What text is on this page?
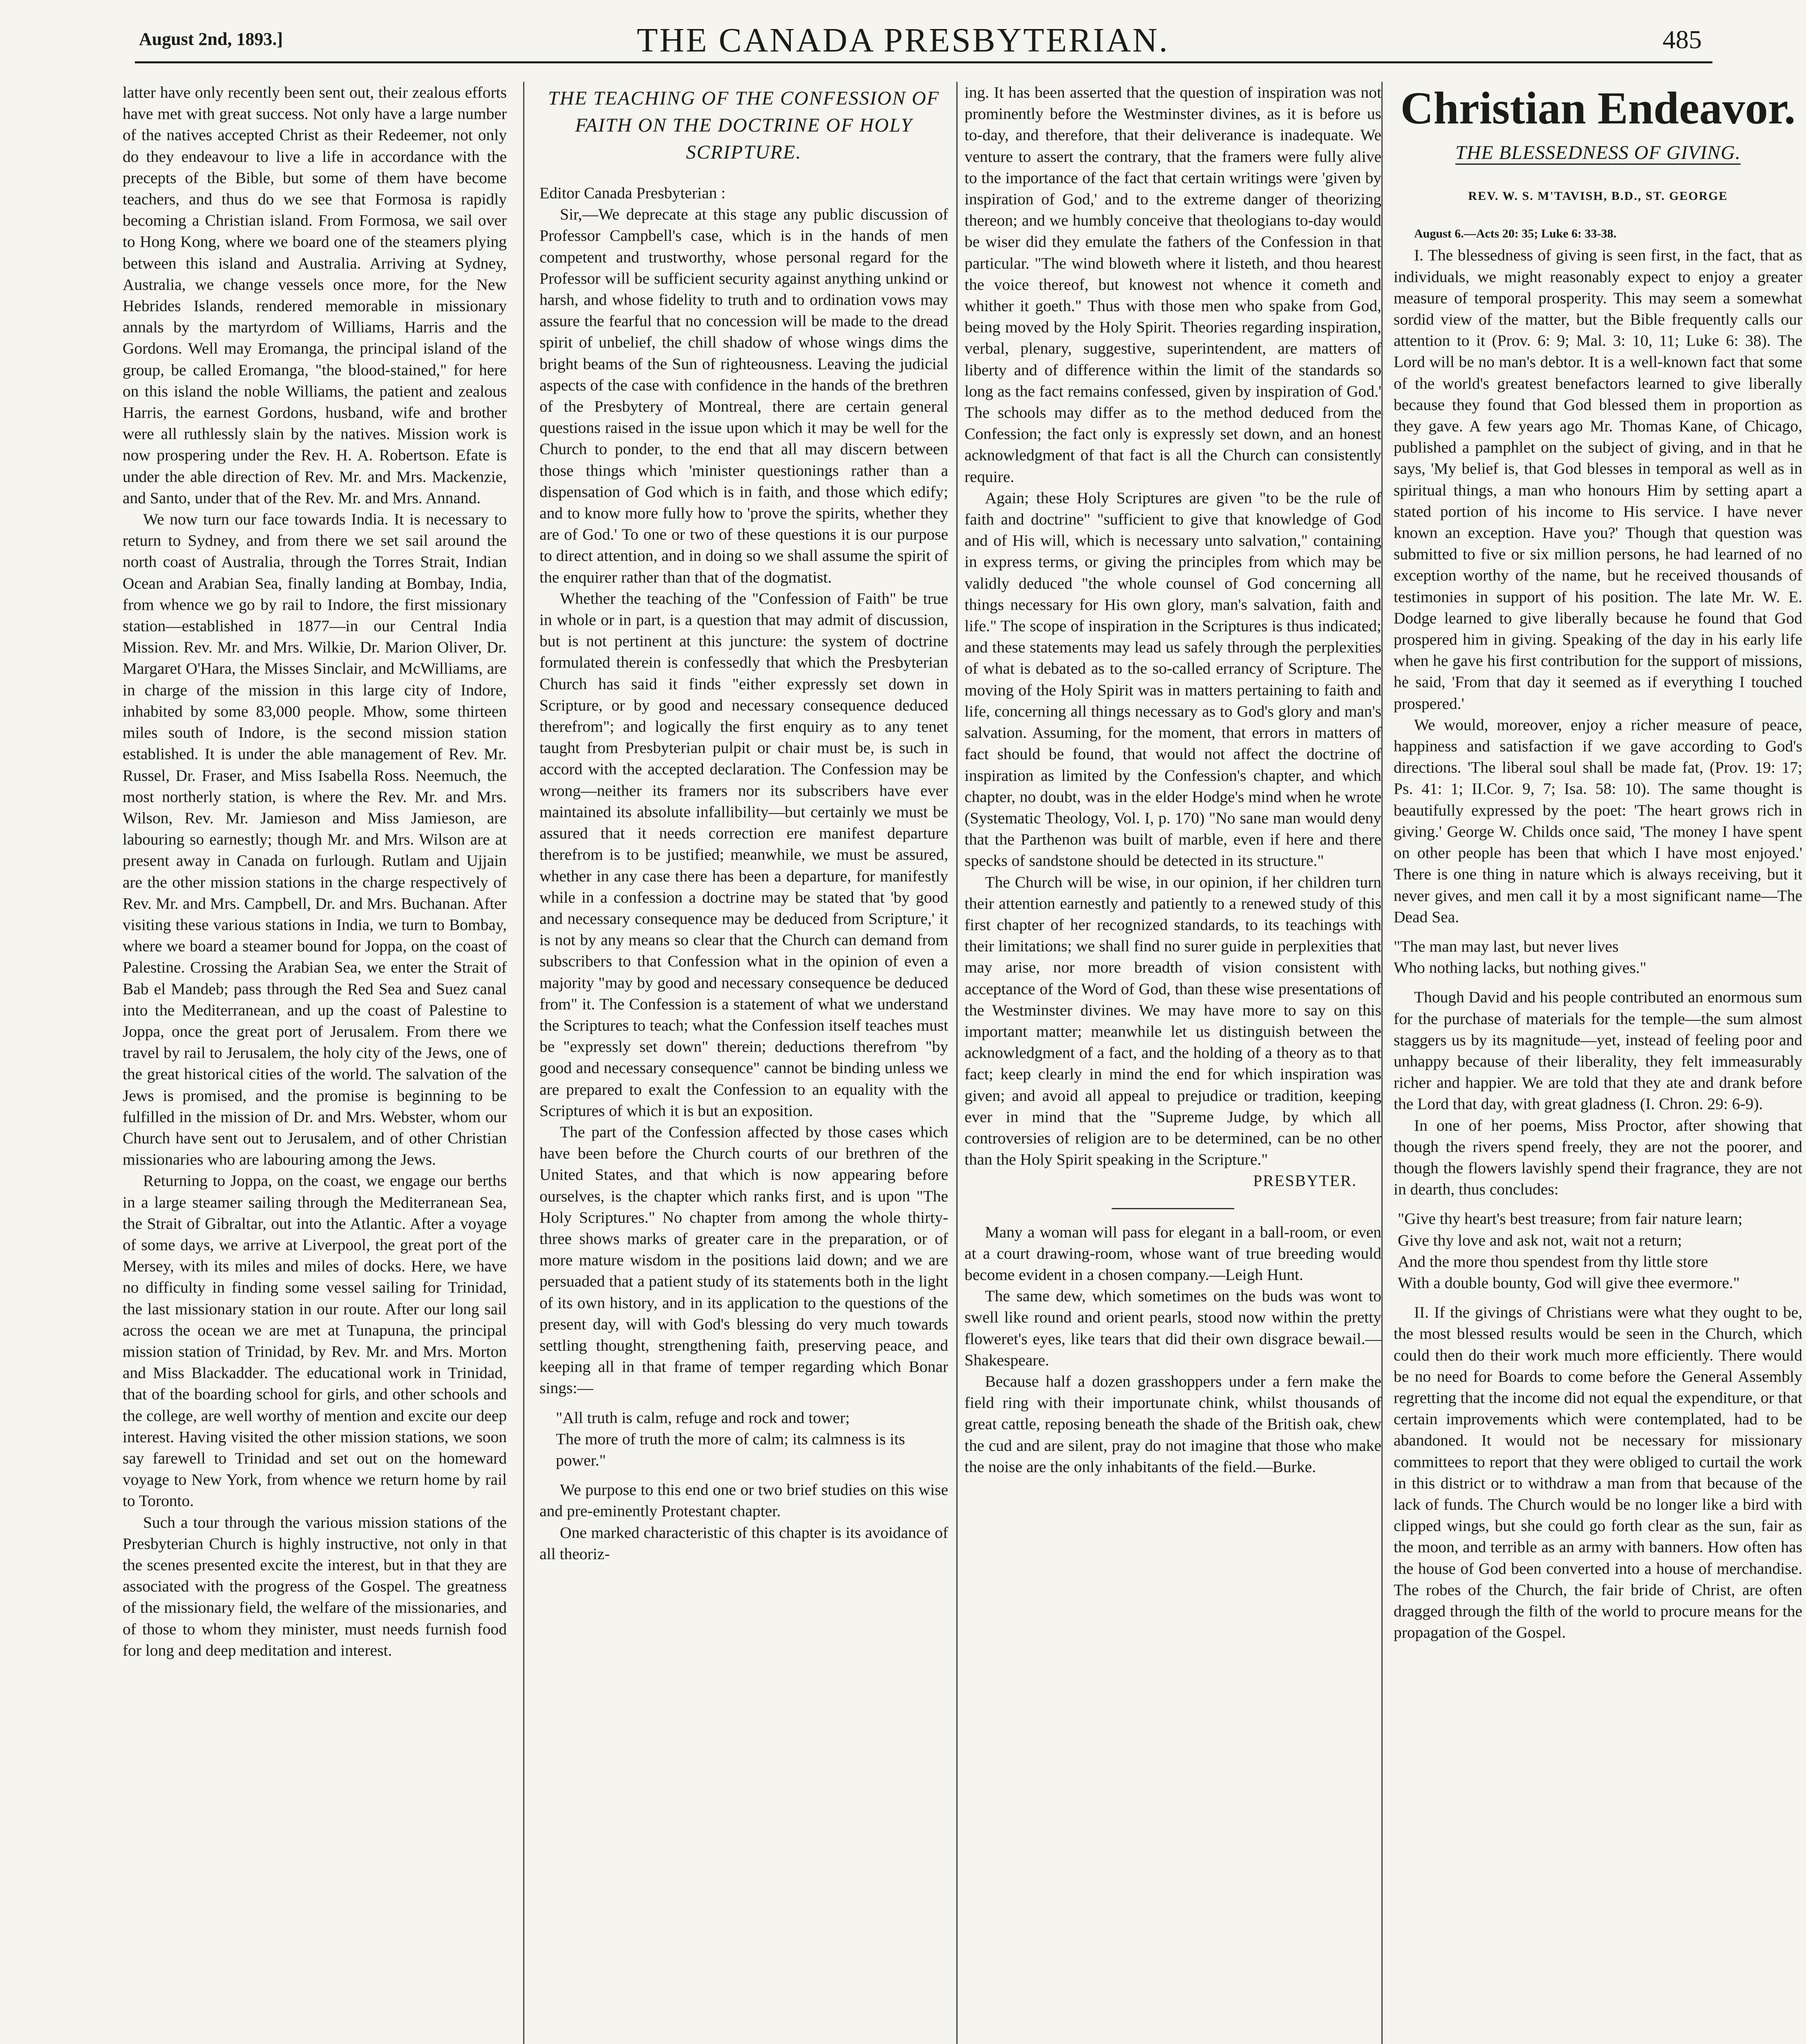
August 2nd, 1893.]	THE CANADA PRESBYTERIAN.	485

latter have only recently been sent out, their zealous efforts have met with great success. Not only have a large number of the natives accepted Christ as their Redeemer, not only do they endeavour to live a life in accordance with the precepts of the Bible, but some of them have become teachers, and thus do we see that Formosa is rapidly becoming a Christian island. From Formosa, we sail over to Hong Kong, where we board one of the steamers plying between this island and Australia. Arriving at Sydney, Australia, we change vessels once more, for the New Hebrides Islands, rendered memorable in missionary annals by the martyrdom of Williams, Harris and the Gordons. Well may Eromanga, the principal island of the group, be called Eromanga, "the blood-stained," for here on this island the noble Williams, the patient and zealous Harris, the earnest Gordons, husband, wife and brother were all ruthlessly slain by the natives. Mission work is now prospering under the Rev. H. A. Robertson. Efate is under the able direction of Rev. Mr. and Mrs. Mackenzie, and Santo, under that of the Rev. Mr. and Mrs. Annand.

We now turn our face towards India. It is necessary to return to Sydney, and from there we set sail around the north coast of Australia, through the Torres Strait, Indian Ocean and Arabian Sea, finally landing at Bombay, India, from whence we go by rail to Indore, the first missionary station—established in 1877—in our Central India Mission. Rev. Mr. and Mrs. Wilkie, Dr. Marion Oliver, Dr. Margaret O'Hara, the Misses Sinclair, and McWilliams, are in charge of the mission in this large city of Indore, inhabited by some 83,000 people. Mhow, some thirteen miles south of Indore, is the second mission station established. It is under the able management of Rev. Mr. Russel, Dr. Fraser, and Miss Isabella Ross. Neemuch, the most northerly station, is where the Rev. Mr. and Mrs. Wilson, Rev. Mr. Jamieson and Miss Jamieson, are labouring so earnestly; though Mr. and Mrs. Wilson are at present away in Canada on furlough. Rutlam and Ujjain are the other mission stations in the charge respectively of Rev. Mr. and Mrs. Campbell, Dr. and Mrs. Buchanan. After visiting these various stations in India, we turn to Bombay, where we board a steamer bound for Joppa, on the coast of Palestine. Crossing the Arabian Sea, we enter the Strait of Bab el Mandeb; pass through the Red Sea and Suez canal into the Mediterranean, and up the coast of Palestine to Joppa, once the great port of Jerusalem. From there we travel by rail to Jerusalem, the holy city of the Jews, one of the great historical cities of the world. The salvation of the Jews is promised, and the promise is beginning to be fulfilled in the mission of Dr. and Mrs. Webster, whom our Church have sent out to Jerusalem, and of other Christian missionaries who are labouring among the Jews.

Returning to Joppa, on the coast, we engage our berths in a large steamer sailing through the Mediterranean Sea, the Strait of Gibraltar, out into the Atlantic. After a voyage of some days, we arrive at Liverpool, the great port of the Mersey, with its miles and miles of docks. Here, we have no difficulty in finding some vessel sailing for Trinidad, the last missionary station in our route. After our long sail across the ocean we are met at Tunapuna, the principal mission station of Trinidad, by Rev. Mr. and Mrs. Morton and Miss Blackadder. The educational work in Trinidad, that of the boarding school for girls, and other schools and the college, are well worthy of mention and excite our deep interest. Having visited the other mission stations, we soon say farewell to Trinidad and set out on the homeward voyage to New York, from whence we return home by rail to Toronto.

Such a tour through the various mission stations of the Presbyterian Church is highly instructive, not only in that the scenes presented excite the interest, but in that they are associated with the progress of the Gospel. The greatness of the missionary field, the welfare of the missionaries, and of those to whom they minister, must needs furnish food for long and deep meditation and interest.

THE TEACHING OF THE CONFESSION OF FAITH ON THE DOCTRINE OF HOLY SCRIPTURE.

Editor Canada Presbyterian :

Sir,—We deprecate at this stage any public discussion of Professor Campbell's case, which is in the hands of men competent and trustworthy, whose personal regard for the Professor will be sufficient security against anything unkind or harsh, and whose fidelity to truth and to ordination vows may assure the fearful that no concession will be made to the dread spirit of unbelief, the chill shadow of whose wings dims the bright beams of the Sun of righteousness. Leaving the judicial aspects of the case with confidence in the hands of the brethren of the Presbytery of Montreal, there are certain general questions raised in the issue upon which it may be well for the Church to ponder, to the end that all may discern between those things which 'minister questionings rather than a dispensation of God which is in faith, and those which edify; and to know more fully how to 'prove the spirits, whether they are of God.' To one or two of these questions it is our purpose to direct attention, and in doing so we shall assume the spirit of the enquirer rather than that of the dogmatist.

Whether the teaching of the "Confession of Faith" be true in whole or in part, is a question that may admit of discussion, but is not pertinent at this juncture: the system of doctrine formulated therein is confessedly that which the Presbyterian Church has said it finds "either expressly set down in Scripture, or by good and necessary consequence deduced therefrom"; and logically the first enquiry as to any tenet taught from Presbyterian pulpit or chair must be, is such in accord with the accepted declaration. The Confession may be wrong—neither its framers nor its subscribers have ever maintained its absolute infallibility—but certainly we must be assured that it needs correction ere manifest departure therefrom is to be justified; meanwhile, we must be assured, whether in any case there has been a departure, for manifestly while in a confession a doctrine may be stated that 'by good and necessary consequence may be deduced from Scripture,' it is not by any means so clear that the Church can demand from subscribers to that Confession what in the opinion of even a majority "may by good and necessary consequence be deduced from" it. The Confession is a statement of what we understand the Scriptures to teach; what the Confession itself teaches must be "expressly set down" therein; deductions therefrom "by good and necessary consequence" cannot be binding unless we are prepared to exalt the Confession to an equality with the Scriptures of which it is but an exposition.

The part of the Confession affected by those cases which have been before the Church courts of our brethren of the United States, and that which is now appearing before ourselves, is the chapter which ranks first, and is upon "The Holy Scriptures." No chapter from among the whole thirty-three shows marks of greater care in the preparation, or of more mature wisdom in the positions laid down; and we are persuaded that a patient study of its statements both in the light of its own history, and in its application to the questions of the present day, will with God's blessing do very much towards settling thought, strengthening faith, preserving peace, and keeping all in that frame of temper regarding which Bonar sings:—

"All truth is calm, refuge and rock and tower;
The more of truth the more of calm; its calmness is its power."

We purpose to this end one or two brief studies on this wise and pre-eminently Protestant chapter.

One marked characteristic of this chapter is its avoidance of all theoriz-

ing. It has been asserted that the question of inspiration was not prominently before the Westminster divines, as it is before us to-day, and therefore, that their deliverance is inadequate. We venture to assert the contrary, that the framers were fully alive to the importance of the fact that certain writings were 'given by inspiration of God,' and to the extreme danger of theorizing thereon; and we humbly conceive that theologians to-day would be wiser did they emulate the fathers of the Confession in that particular. "The wind bloweth where it listeth, and thou hearest the voice thereof, but knowest not whence it cometh and whither it goeth." Thus with those men who spake from God, being moved by the Holy Spirit. Theories regarding inspiration, verbal, plenary, suggestive, superintendent, are matters of liberty and of difference within the limit of the standards so long as the fact remains confessed, given by inspiration of God.' The schools may differ as to the method deduced from the Confession; the fact only is expressly set down, and an honest acknowledgment of that fact is all the Church can consistently require.

Again; these Holy Scriptures are given "to be the rule of faith and doctrine" "sufficient to give that knowledge of God and of His will, which is necessary unto salvation," containing in express terms, or giving the principles from which may be validly deduced "the whole counsel of God concerning all things necessary for His own glory, man's salvation, faith and life." The scope of inspiration in the Scriptures is thus indicated; and these statements may lead us safely through the perplexities of what is debated as to the so-called errancy of Scripture. The moving of the Holy Spirit was in matters pertaining to faith and life, concerning all things necessary as to God's glory and man's salvation. Assuming, for the moment, that errors in matters of fact should be found, that would not affect the doctrine of inspiration as limited by the Confession's chapter, and which chapter, no doubt, was in the elder Hodge's mind when he wrote (Systematic Theology, Vol. I, p. 170) "No sane man would deny that the Parthenon was built of marble, even if here and there specks of sandstone should be detected in its structure."

The Church will be wise, in our opinion, if her children turn their attention earnestly and patiently to a renewed study of this first chapter of her recognized standards, to its teachings with their limitations; we shall find no surer guide in perplexities that may arise, nor more breadth of vision consistent with acceptance of the Word of God, than these wise presentations of the Westminster divines. We may have more to say on this important matter; meanwhile let us distinguish between the acknowledgment of a fact, and the holding of a theory as to that fact; keep clearly in mind the end for which inspiration was given; and avoid all appeal to prejudice or tradition, keeping ever in mind that the "Supreme Judge, by which all controversies of religion are to be determined, can be no other than the Holy Spirit speaking in the Scripture."

PRESBYTER.

Many a woman will pass for elegant in a ball-room, or even at a court drawing-room, whose want of true breeding would become evident in a chosen company.—Leigh Hunt.

The same dew, which sometimes on the buds was wont to swell like round and orient pearls, stood now within the pretty floweret's eyes, like tears that did their own disgrace bewail.—Shakespeare.

Because half a dozen grasshoppers under a fern make the field ring with their importunate chink, whilst thousands of great cattle, reposing beneath the shade of the British oak, chew the cud and are silent, pray do not imagine that those who make the noise are the only inhabitants of the field.—Burke.

Christian Endeavor.
THE BLESSEDNESS OF GIVING.
REV. W. S. M'TAVISH, B.D., ST. GEORGE

August 6.—Acts 20: 35; Luke 6: 33-38.

I. The blessedness of giving is seen first, in the fact, that as individuals, we might reasonably expect to enjoy a greater measure of temporal prosperity. This may seem a somewhat sordid view of the matter, but the Bible frequently calls our attention to it (Prov. 6: 9; Mal. 3: 10, 11; Luke 6: 38). The Lord will be no man's debtor. It is a well-known fact that some of the world's greatest benefactors learned to give liberally because they found that God blessed them in proportion as they gave. A few years ago Mr. Thomas Kane, of Chicago, published a pamphlet on the subject of giving, and in that he says, 'My belief is, that God blesses in temporal as well as in spiritual things, a man who honours Him by setting apart a stated portion of his income to His service. I have never known an exception. Have you?' Though that question was submitted to five or six million persons, he had learned of no exception worthy of the name, but he received thousands of testimonies in support of his position. The late Mr. W. E. Dodge learned to give liberally because he found that God prospered him in giving. Speaking of the day in his early life when he gave his first contribution for the support of missions, he said, 'From that day it seemed as if everything I touched prospered.'

We would, moreover, enjoy a richer measure of peace, happiness and satisfaction if we gave according to God's directions. 'The liberal soul shall be made fat, (Prov. 19: 17; Ps. 41: 1; II.Cor. 9, 7; Isa. 58: 10). The same thought is beautifully expressed by the poet: 'The heart grows rich in giving.' George W. Childs once said, 'The money I have spent on other people has been that which I have most enjoyed.' There is one thing in nature which is always receiving, but it never gives, and men call it by a most significant name—The Dead Sea.

"The man may last, but never lives
Who nothing lacks, but nothing gives."

Though David and his people contributed an enormous sum for the purchase of materials for the temple—the sum almost staggers us by its magnitude—yet, instead of feeling poor and unhappy because of their liberality, they felt immeasurably richer and happier. We are told that they ate and drank before the Lord that day, with great gladness (I. Chron. 29: 6-9).

In one of her poems, Miss Proctor, after showing that though the rivers spend freely, they are not the poorer, and though the flowers lavishly spend their fragrance, they are not in dearth, thus concludes:

"Give thy heart's best treasure; from fair nature learn;
Give thy love and ask not, wait not a return;
And the more thou spendest from thy little store
With a double bounty, God will give thee evermore."

II. If the givings of Christians were what they ought to be, the most blessed results would be seen in the Church, which could then do their work much more efficiently. There would be no need for Boards to come before the General Assembly regretting that the income did not equal the expenditure, or that certain improvements which were contemplated, had to be abandoned. It would not be necessary for missionary committees to report that they were obliged to curtail the work in this district or to withdraw a man from that because of the lack of funds. The Church would be no longer like a bird with clipped wings, but she could go forth clear as the sun, fair as the moon, and terrible as an army with banners. How often has the house of God been converted into a house of merchandise. The robes of the Church, the fair bride of Christ, are often dragged through the filth of the world to procure means for the propagation of the Gospel.
